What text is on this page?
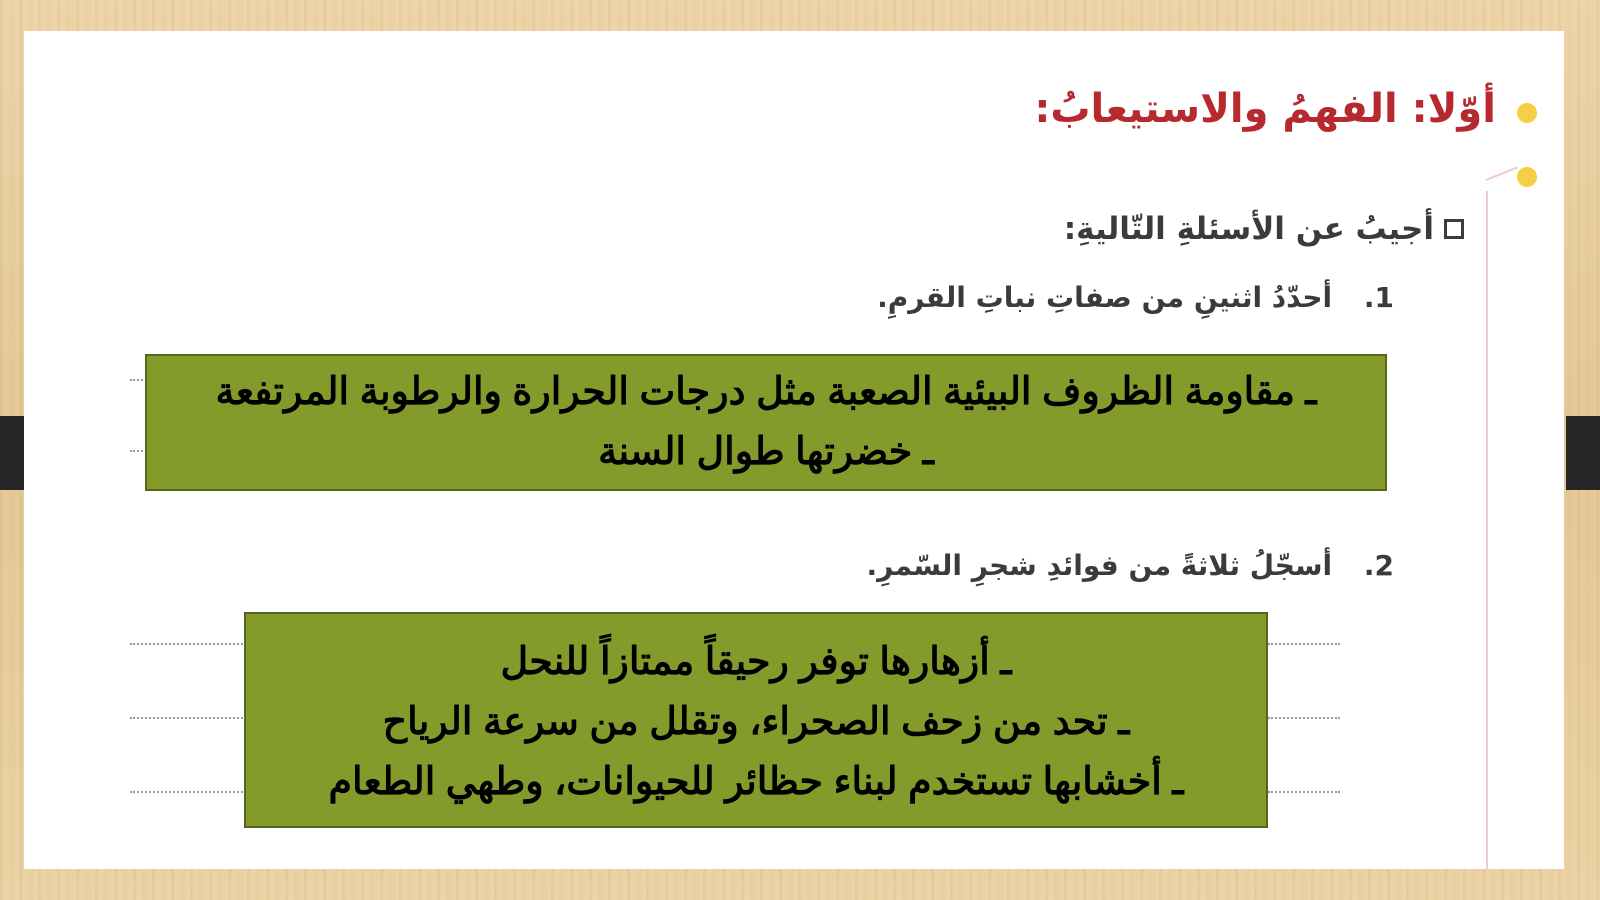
أوّلا: الفهمُ والاستيعابُ:
أجيبُ عن الأسئلةِ التّاليةِ:
1. أحدّدُ اثنينِ من صفاتِ نباتِ القرمِ.
ـ مقاومة الظروف البيئية الصعبة مثل درجات الحرارة والرطوبة المرتفعة
ـ خضرتها طوال السنة
2. أسجّلُ ثلاثةً من فوائدِ شجرِ السّمرِ.
ـ أزهارها توفر رحيقاً ممتازاً للنحل
ـ تحد من زحف الصحراء، وتقلل من سرعة الرياح
ـ أخشابها تستخدم لبناء حظائر للحيوانات، وطهي الطعام
